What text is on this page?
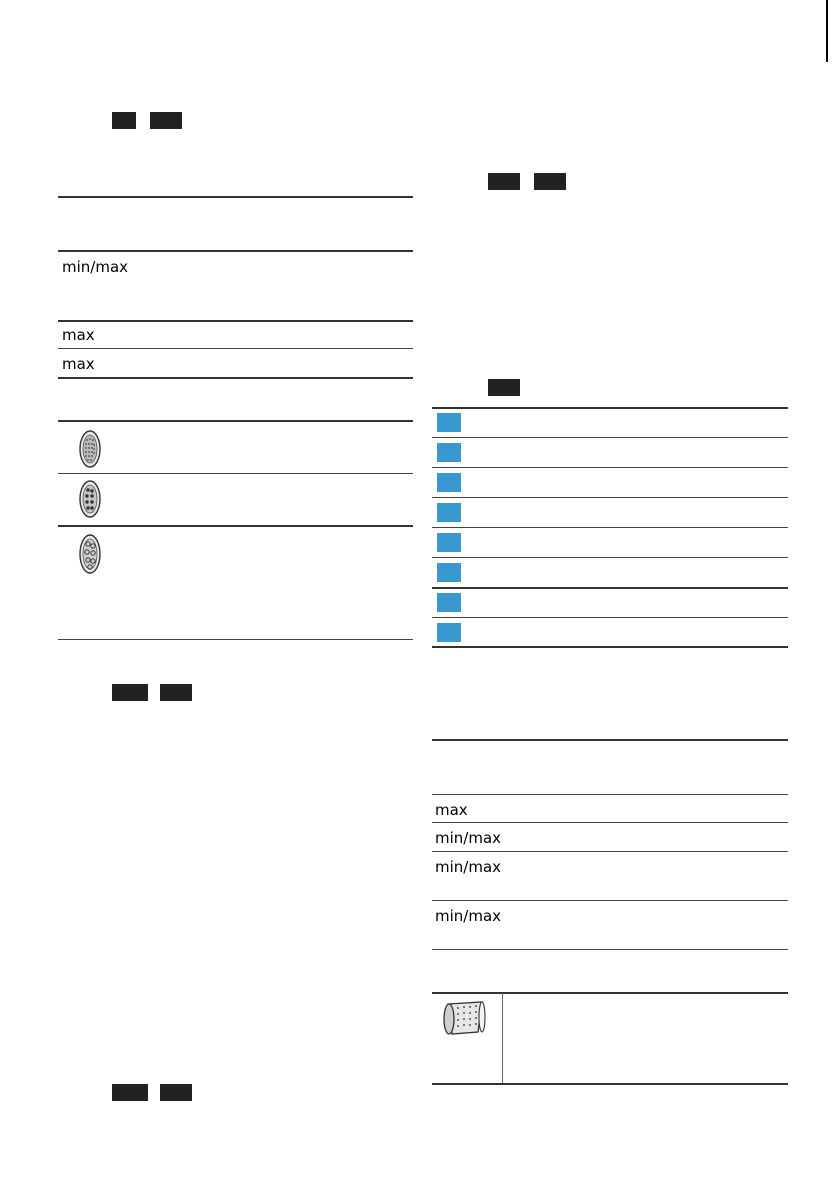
min/max
max
max
max
min/max
min/max
min/max
